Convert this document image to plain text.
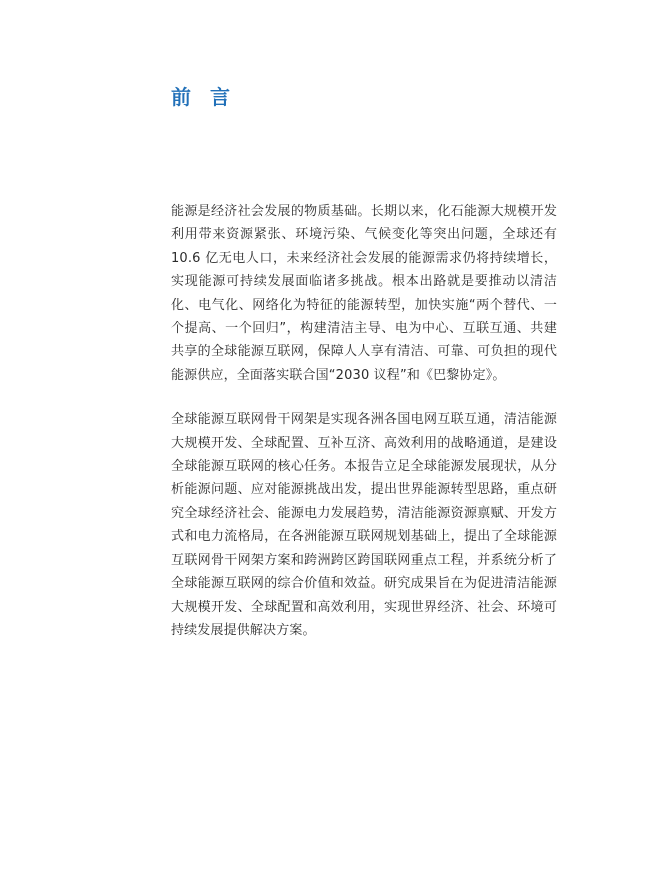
前 言

能源是经济社会发展的物质基础。长期以来，化石能源大规模开发利用带来资源紧张、环境污染、气候变化等突出问题，全球还有 10.6 亿无电人口，未来经济社会发展的能源需求仍将持续增长，实现能源可持续发展面临诸多挑战。根本出路就是要推动以清洁化、电气化、网络化为特征的能源转型，加快实施“两个替代、一个提高、一个回归”，构建清洁主导、电为中心、互联互通、共建共享的全球能源互联网，保障人人享有清洁、可靠、可负担的现代能源供应，全面落实联合国“2030 议程”和《巴黎协定》。

全球能源互联网骨干网架是实现各洲各国电网互联互通，清洁能源大规模开发、全球配置、互补互济、高效利用的战略通道，是建设全球能源互联网的核心任务。本报告立足全球能源发展现状，从分析能源问题、应对能源挑战出发，提出世界能源转型思路，重点研究全球经济社会、能源电力发展趋势，清洁能源资源禀赋、开发方式和电力流格局，在各洲能源互联网规划基础上，提出了全球能源互联网骨干网架方案和跨洲跨区跨国联网重点工程，并系统分析了全球能源互联网的综合价值和效益。研究成果旨在为促进清洁能源大规模开发、全球配置和高效利用，实现世界经济、社会、环境可持续发展提供解决方案。
